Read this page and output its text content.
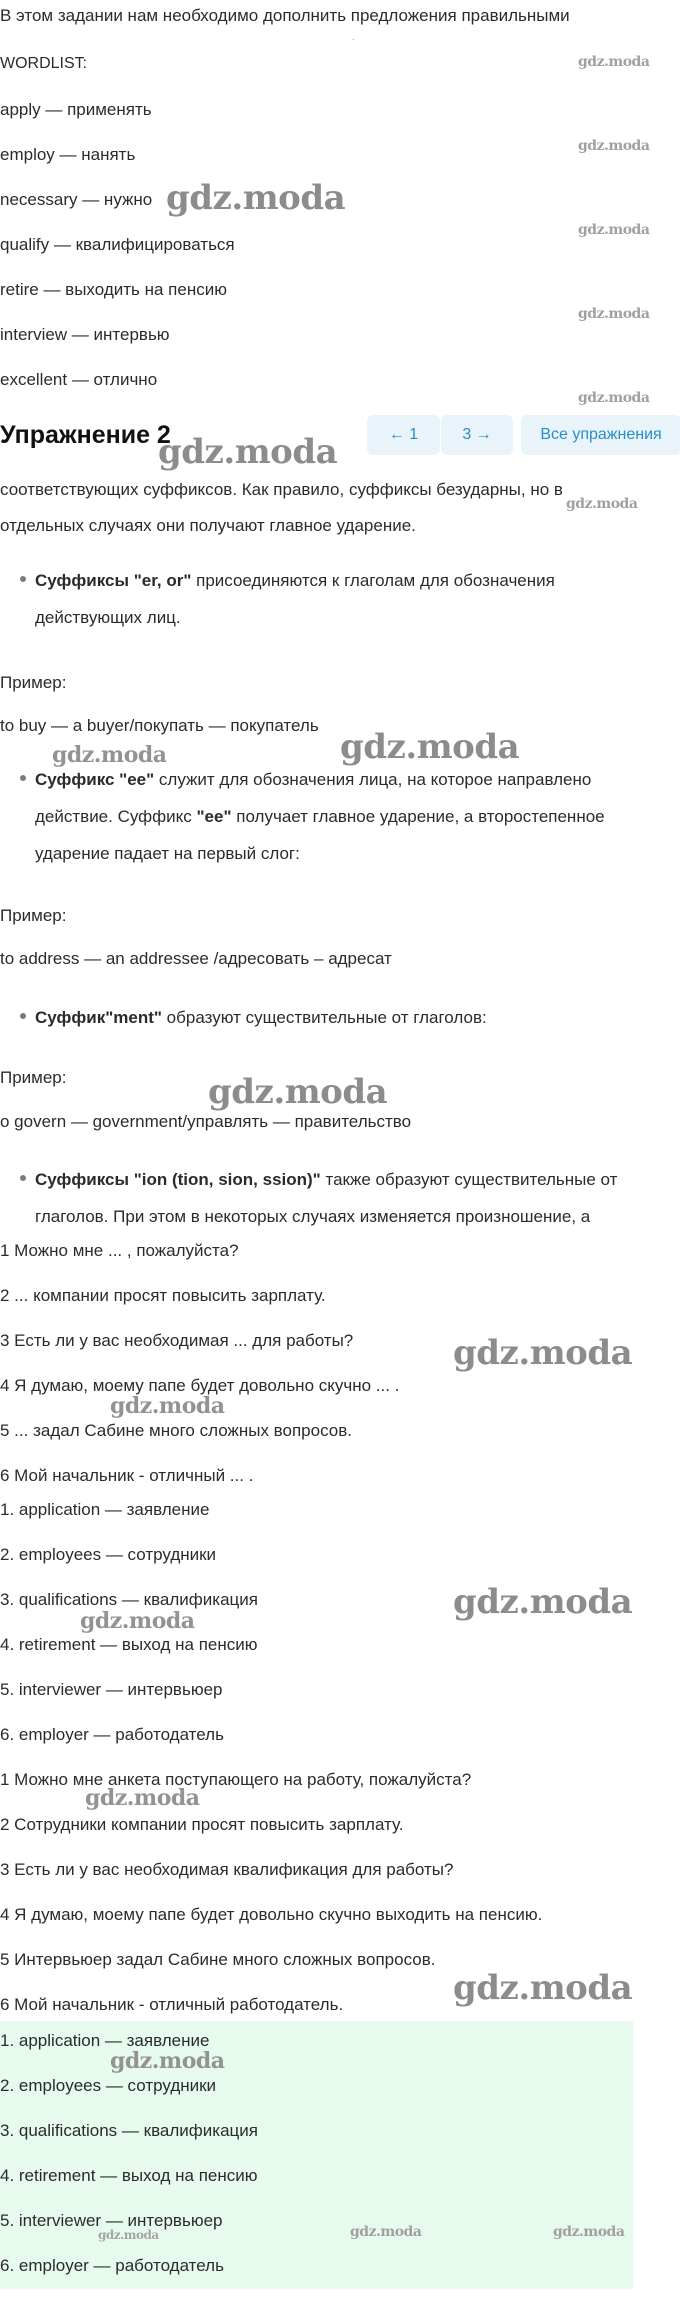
В этом задании нам необходимо дополнить предложения правильными
.
WORDLIST:
apply — применять
employ — нанять
necessary — нужно
qualify — квалифицироваться
retire — выходить на пенсию
interview — интервью
excellent — отлично
Упражнение 2	← 1	3 →	Все упражнения
соответствующих суффиксов. Как правило, суффиксы безударны, но в
отдельных случаях они получают главное ударение.
Суффиксы "er, or" присоединяются к глаголам для обозначения действующих лиц.
Пример:
to buy — a buyer/покупать — покупатель
Суффикс "ee" служит для обозначения лица, на которое направлено действие. Суффикс "ee" получает главное ударение, а второстепенное ударение падает на первый слог:
Пример:
to address — an addressee /адресовать – адресат
Суффик"ment" образуют существительные от глаголов:
Пример:
o govern — government/управлять — правительство
Суффиксы "ion (tion, sion, ssion)" также образуют существительные от глаголов. При этом в некоторых случаях изменяется произношение, а
1 Можно мне ... , пожалуйста?
2 ... компании просят повысить зарплату.
3 Есть ли у вас необходимая ... для работы?
4 Я думаю, моему папе будет довольно скучно ... .
5 ... задал Сабине много сложных вопросов.
6 Мой начальник - отличный ... .
1. application — заявление
2. employees — сотрудники
3. qualifications — квалификация
4. retirement — выход на пенсию
5. interviewer — интервьюер
6. employer — работодатель
1 Можно мне анкета поступающего на работу, пожалуйста?
2 Сотрудники компании просят повысить зарплату.
3 Есть ли у вас необходимая квалификация для работы?
4 Я думаю, моему папе будет довольно скучно выходить на пенсию.
5 Интервьюер задал Сабине много сложных вопросов.
6 Мой начальник - отличный работодатель.
1. application — заявление
2. employees — сотрудники
3. qualifications — квалификация
4. retirement — выход на пенсию
5. interviewer — интервьюер
6. employer — работодатель
gdz.moda
gdz.moda
gdz.moda
gdz.moda
gdz.moda
gdz.moda
gdz.moda
gdz.moda
gdz.moda
gdz.moda
gdz.moda
gdz.moda
gdz.moda
gdz.moda
gdz.moda
gdz.moda
gdz.moda
gdz.moda
gdz.moda	gdz.moda	gdz.moda
